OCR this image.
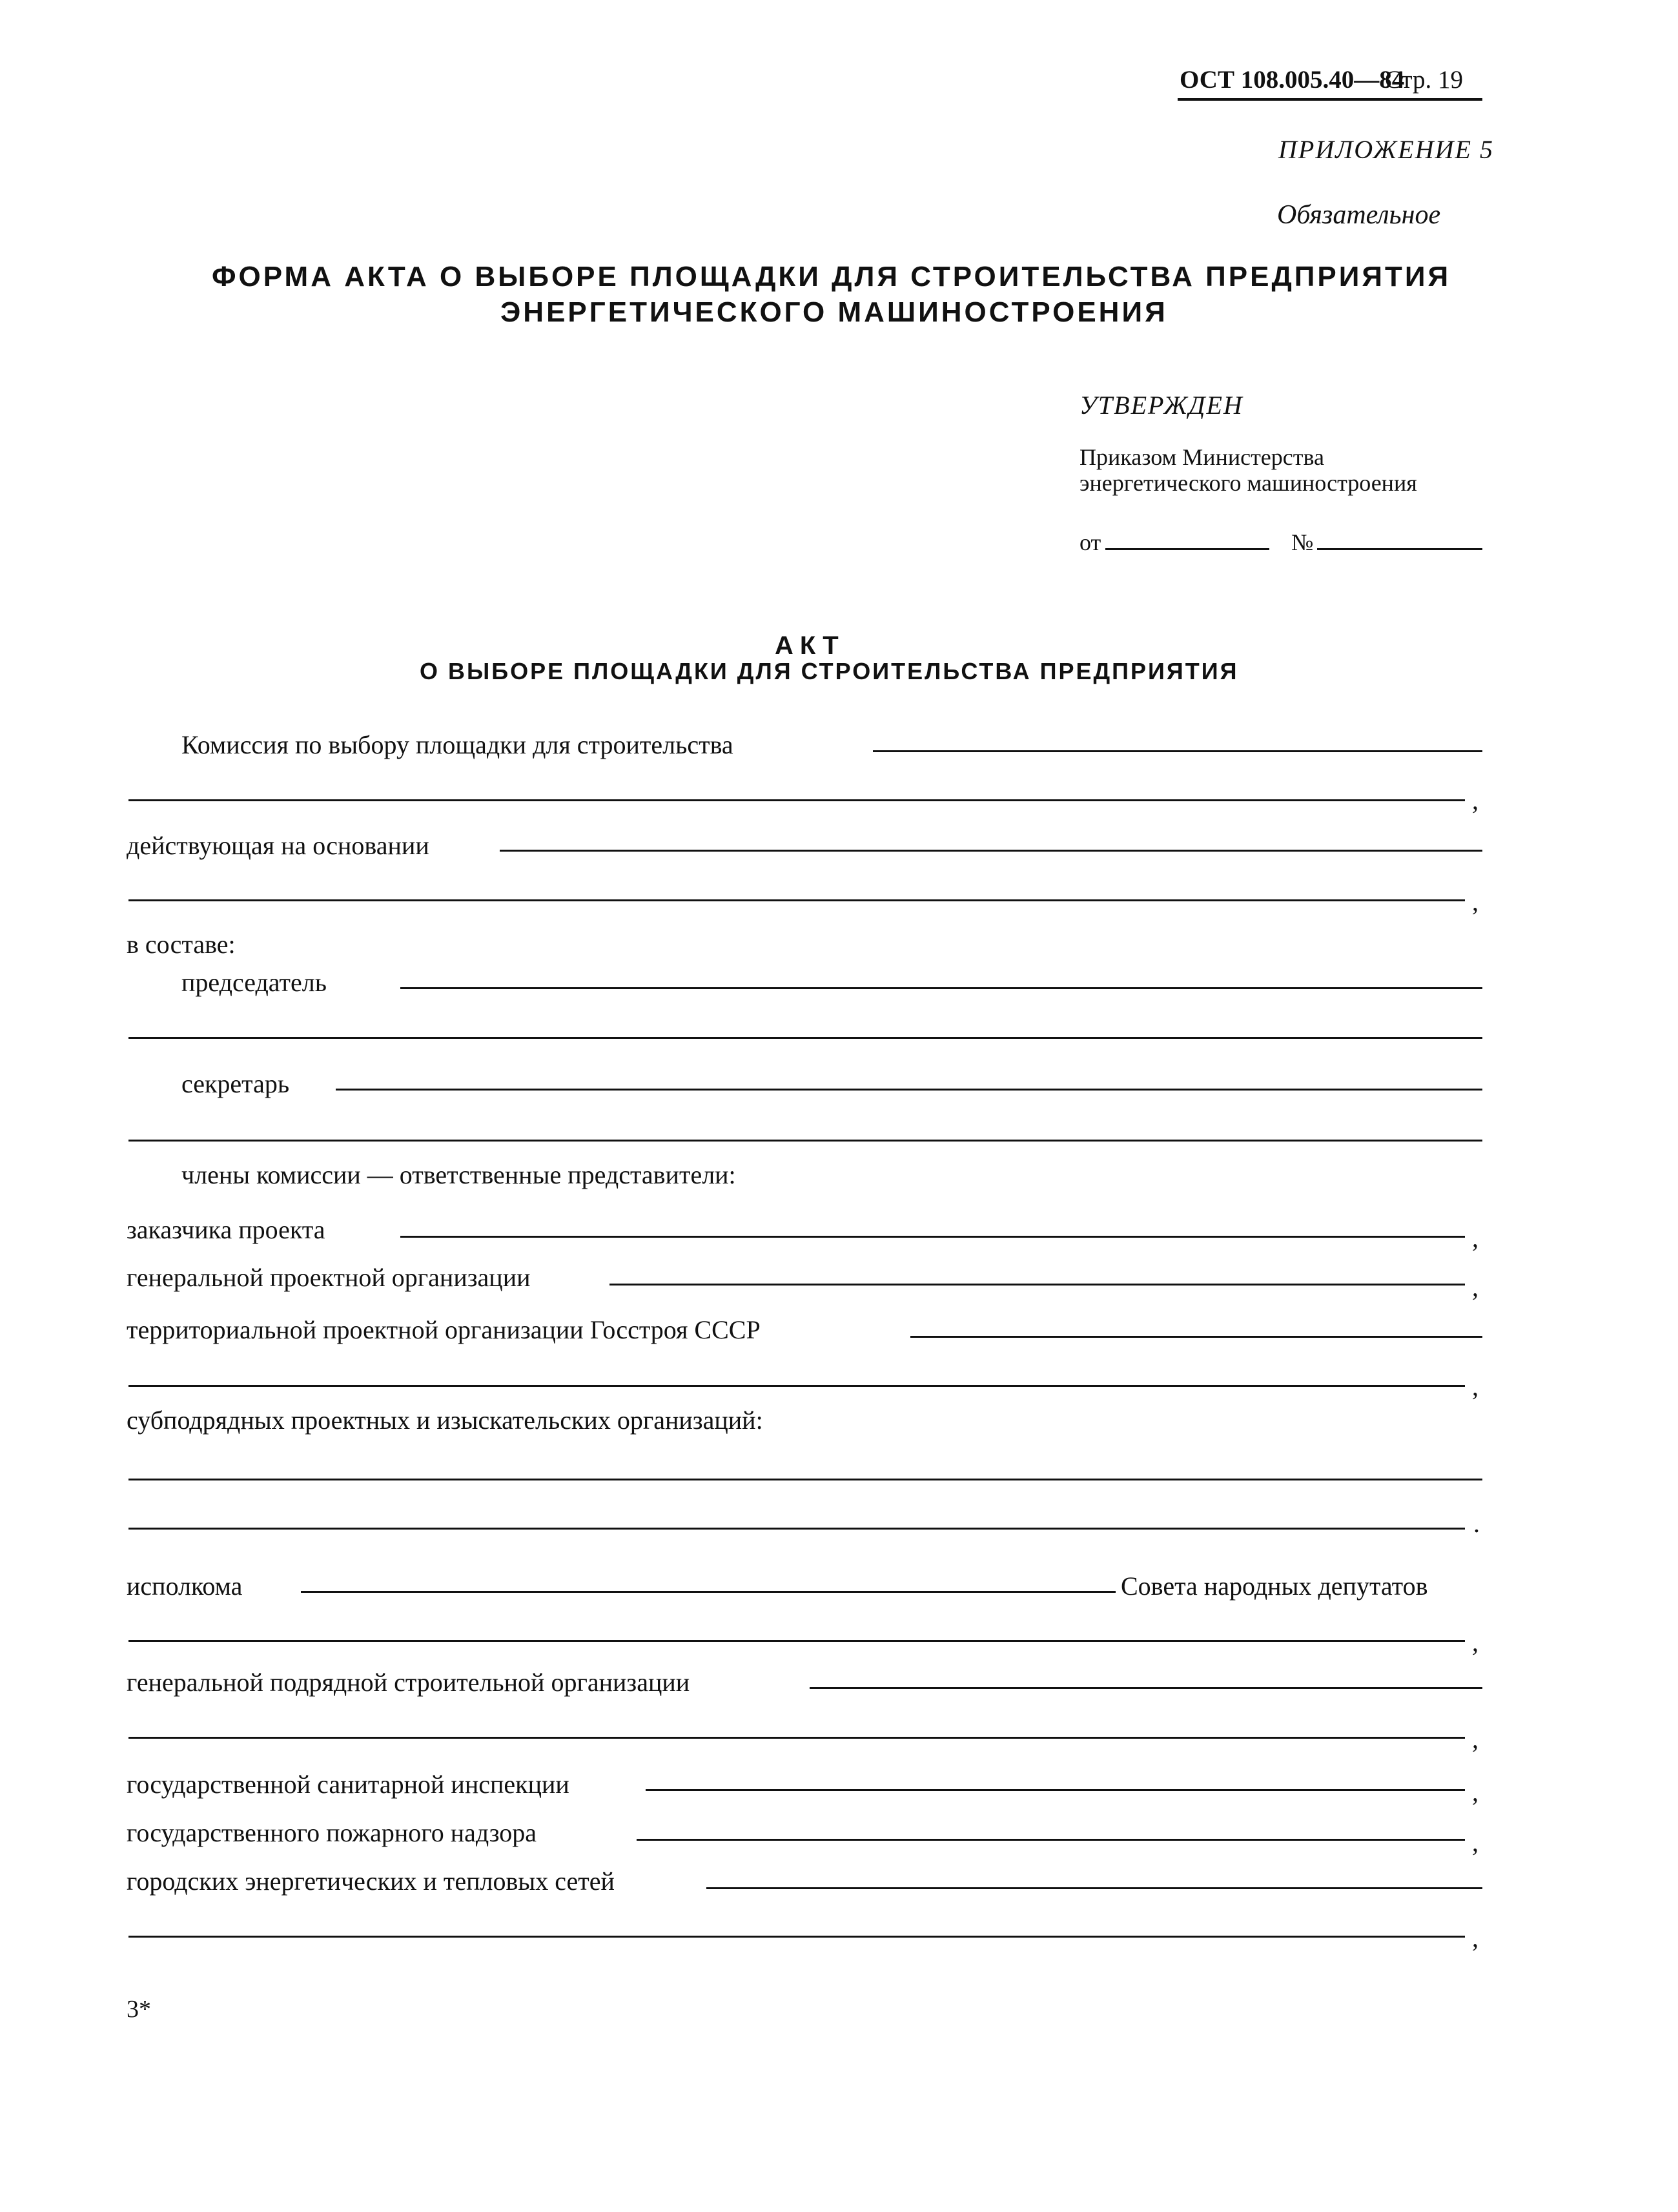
ОСТ 108.005.40—84
Стр. 19
ПРИЛОЖЕНИЕ 5
Обязательное
ФОРМА АКТА О ВЫБОРЕ ПЛОЩАДКИ ДЛЯ СТРОИТЕЛЬСТВА ПРЕДПРИЯТИЯ
ЭНЕРГЕТИЧЕСКОГО МАШИНОСТРОЕНИЯ
УТВЕРЖДЕН
Приказом Министерства
энергетического машиностроения
от	№
АКТ
О ВЫБОРЕ ПЛОЩАДКИ ДЛЯ СТРОИТЕЛЬСТВА ПРЕДПРИЯТИЯ
Комиссия по выбору площадки для строительства
,
действующая на основании
,
в составе:
председатель
секретарь
члены комиссии — ответственные представители:
заказчика проекта	,
генеральной проектной организации	,
территориальной проектной организации Госстроя СССР
,
субподрядных проектных и изыскательских организаций:
.
исполкома	Совета народных депутатов
,
генеральной подрядной строительной организации
,
государственной санитарной инспекции	,
государственного пожарного надзора	,
городских энергетических и тепловых сетей
,
3*
